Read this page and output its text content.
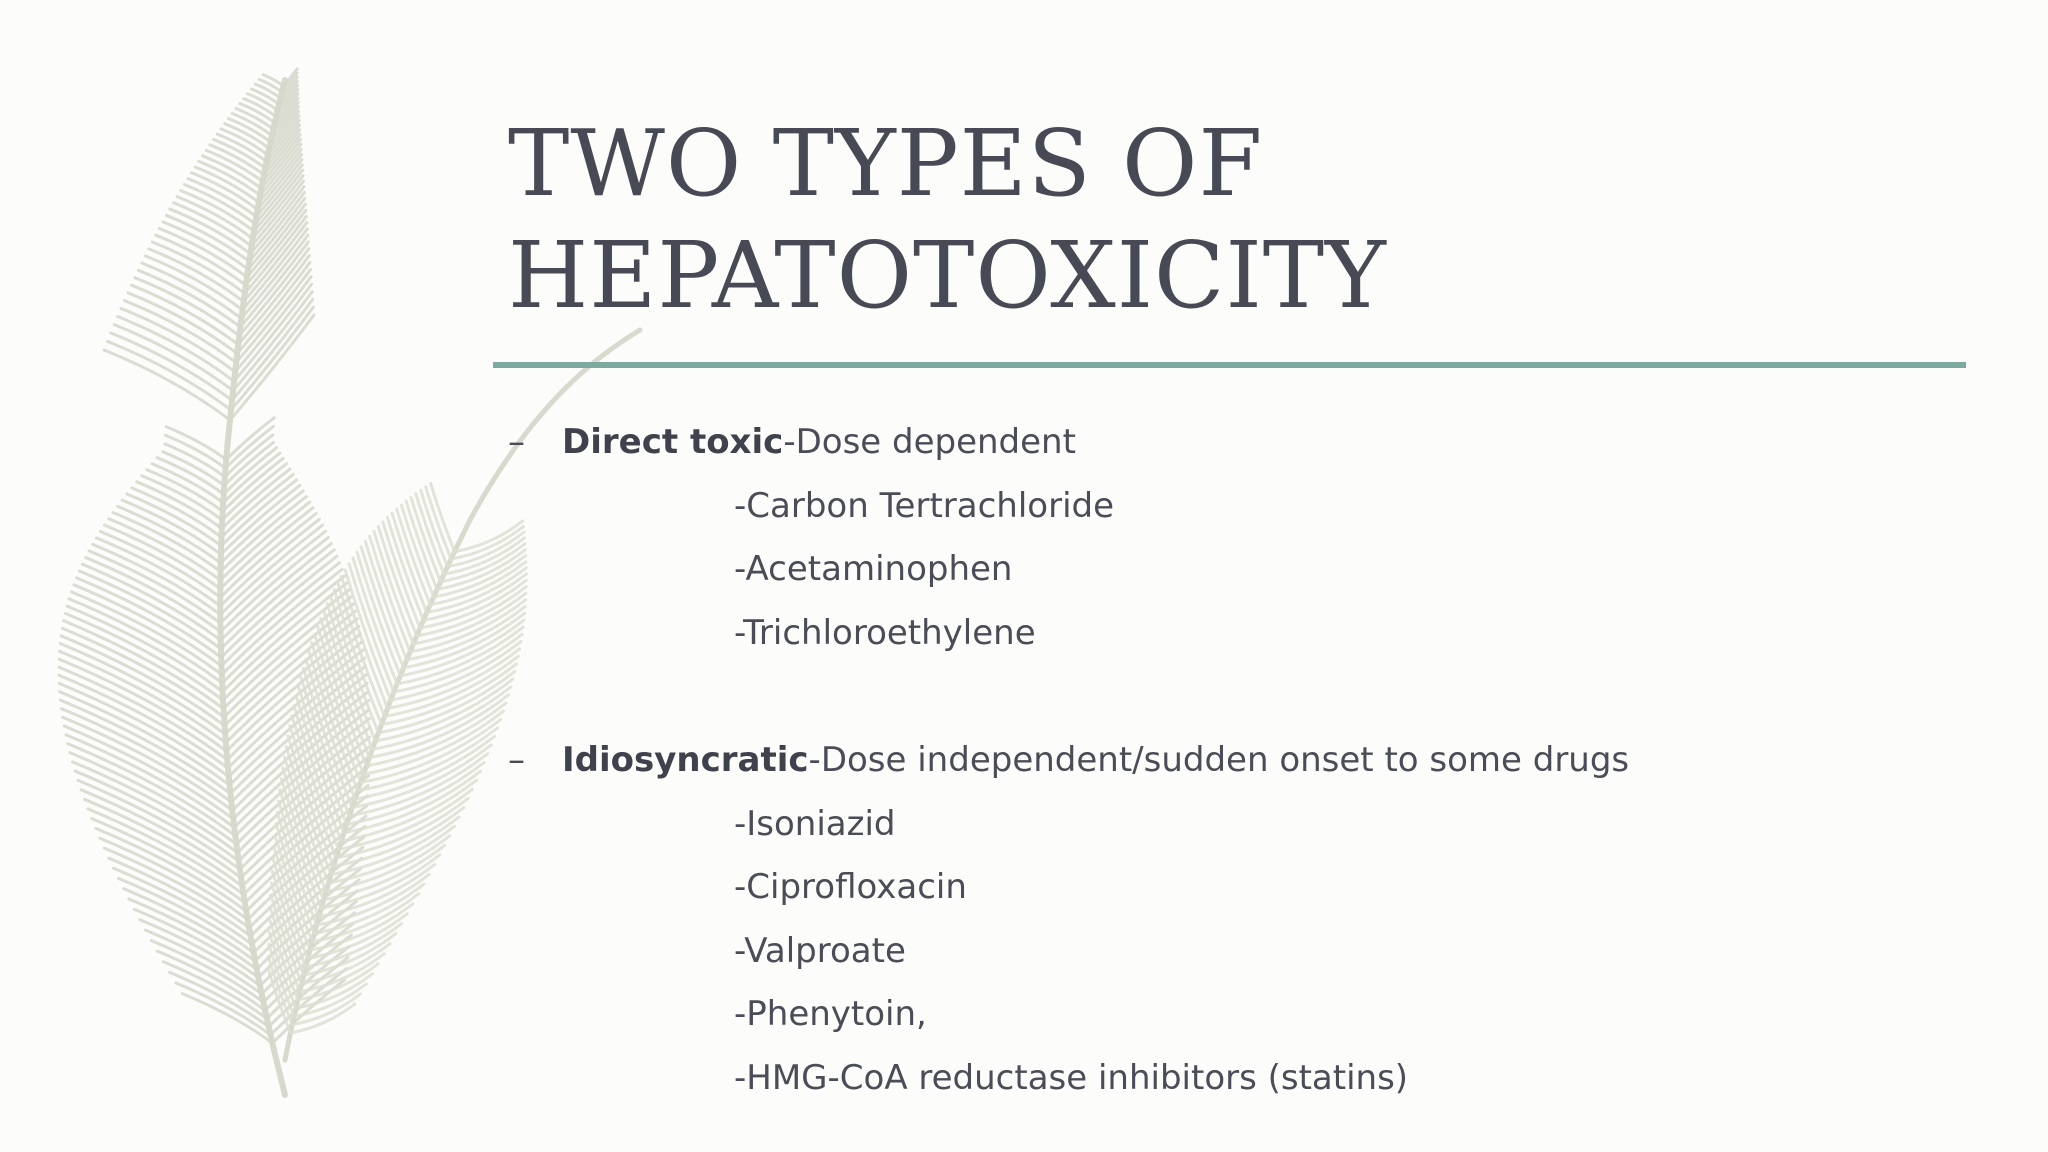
TWO TYPES OF
HEPATOTOXICITY
–	Direct toxic-Dose dependent
-Carbon Tertrachloride
-Acetaminophen
-Trichloroethylene
–	Idiosyncratic-Dose independent/sudden onset to some drugs
-Isoniazid
-Ciprofloxacin
-Valproate
-Phenytoin,
-HMG-CoA reductase inhibitors (statins)
